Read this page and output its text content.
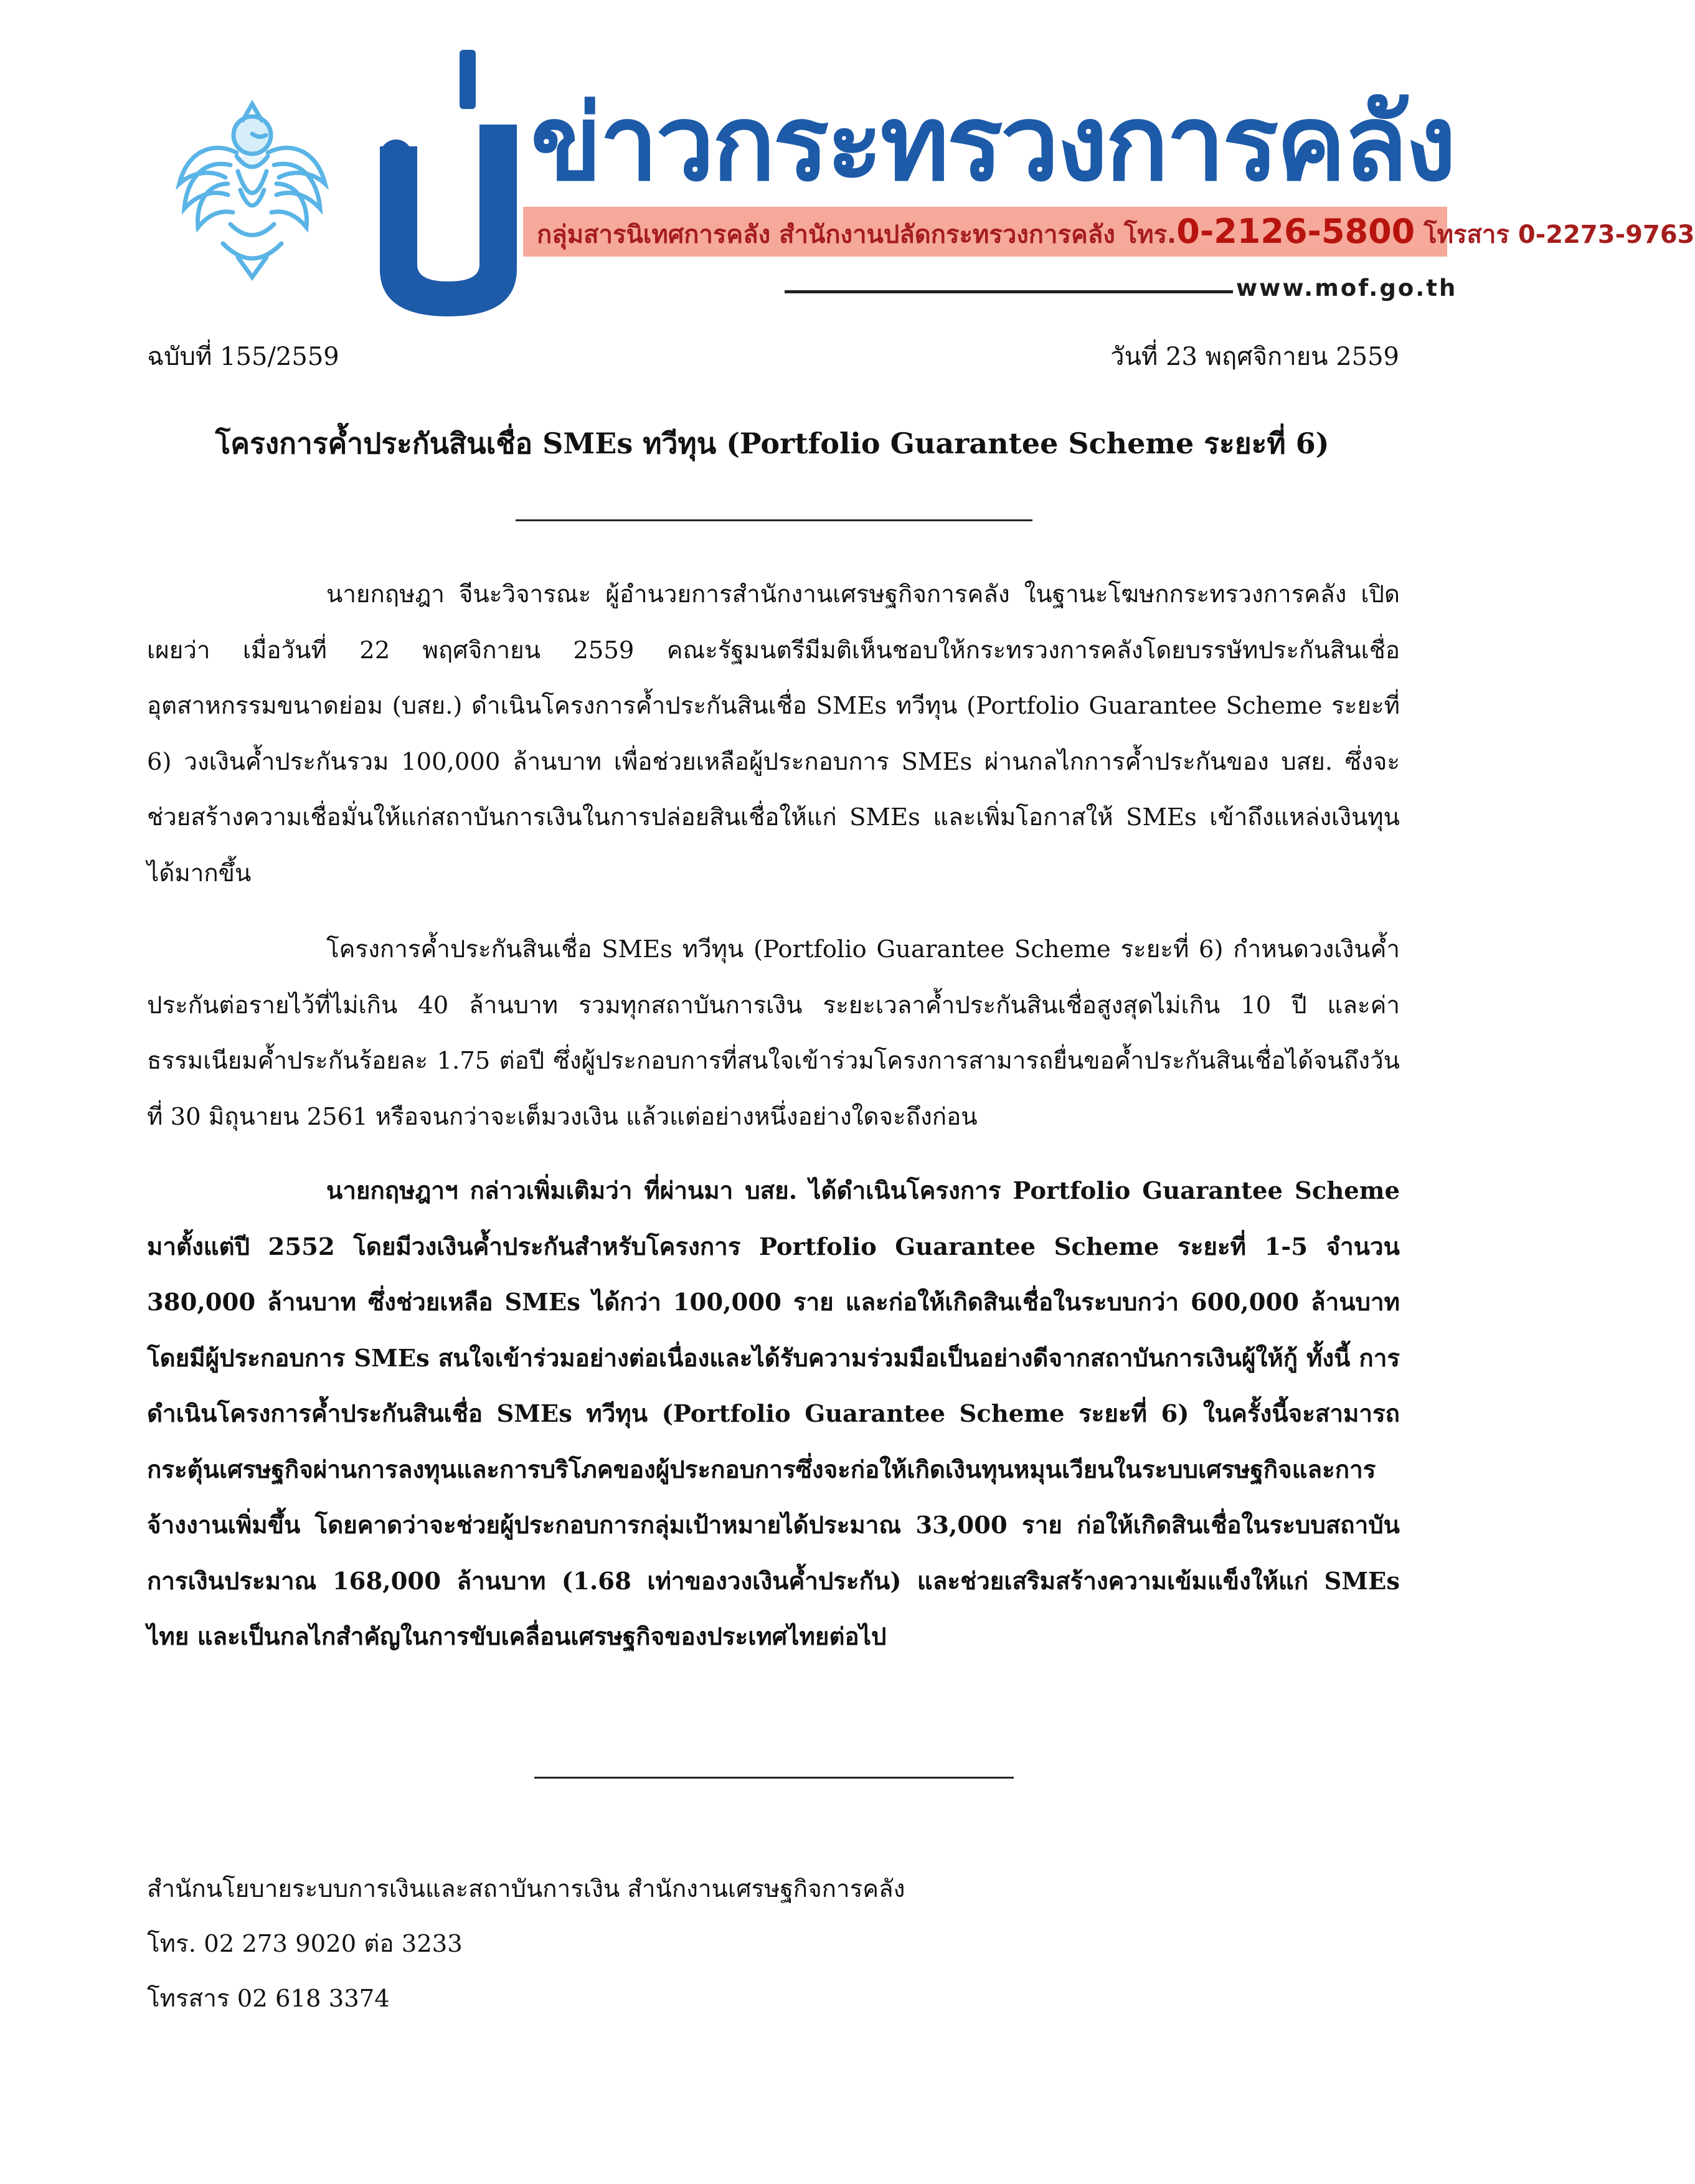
ข่าวกระทรวงการคลัง
กลุ่มสารนิเทศการคลัง สำนักงานปลัดกระทรวงการคลัง โทร.0-2126-5800 โทรสาร 0-2273-9763
www.mof.go.th
ฉบับที่ 155/2559	วันที่ 23 พฤศจิกายน 2559
โครงการค้ำประกันสินเชื่อ SMEs ทวีทุน (Portfolio Guarantee Scheme ระยะที่ 6)

นายกฤษฎา จีนะวิจารณะ ผู้อำนวยการสำนักงานเศรษฐกิจการคลัง ในฐานะโฆษกกระทรวงการคลัง เปิดเผยว่า เมื่อวันที่ 22 พฤศจิกายน 2559 คณะรัฐมนตรีมีมติเห็นชอบให้กระทรวงการคลังโดยบรรษัทประกันสินเชื่ออุตสาหกรรมขนาดย่อม (บสย.) ดำเนินโครงการค้ำประกันสินเชื่อ SMEs ทวีทุน (Portfolio Guarantee Scheme ระยะที่ 6) วงเงินค้ำประกันรวม 100,000 ล้านบาท เพื่อช่วยเหลือผู้ประกอบการ SMEs ผ่านกลไกการค้ำประกันของ บสย. ซึ่งจะช่วยสร้างความเชื่อมั่นให้แก่สถาบันการเงินในการปล่อยสินเชื่อให้แก่ SMEs และเพิ่มโอกาสให้ SMEs เข้าถึงแหล่งเงินทุนได้มากขึ้น

โครงการค้ำประกันสินเชื่อ SMEs ทวีทุน (Portfolio Guarantee Scheme ระยะที่ 6) กำหนดวงเงินค้ำประกันต่อรายไว้ที่ไม่เกิน 40 ล้านบาท รวมทุกสถาบันการเงิน ระยะเวลาค้ำประกันสินเชื่อสูงสุดไม่เกิน 10 ปี และค่าธรรมเนียมค้ำประกันร้อยละ 1.75 ต่อปี ซึ่งผู้ประกอบการที่สนใจเข้าร่วมโครงการสามารถยื่นขอค้ำประกันสินเชื่อได้จนถึงวันที่ 30 มิถุนายน 2561 หรือจนกว่าจะเต็มวงเงิน แล้วแต่อย่างหนึ่งอย่างใดจะถึงก่อน

นายกฤษฎาฯ กล่าวเพิ่มเติมว่า ที่ผ่านมา บสย. ได้ดำเนินโครงการ Portfolio Guarantee Scheme มาตั้งแต่ปี 2552 โดยมีวงเงินค้ำประกันสำหรับโครงการ Portfolio Guarantee Scheme ระยะที่ 1-5 จำนวน 380,000 ล้านบาท ซึ่งช่วยเหลือ SMEs ได้กว่า 100,000 ราย และก่อให้เกิดสินเชื่อในระบบกว่า 600,000 ล้านบาท โดยมีผู้ประกอบการ SMEs สนใจเข้าร่วมอย่างต่อเนื่องและได้รับความร่วมมือเป็นอย่างดีจากสถาบันการเงินผู้ให้กู้ ทั้งนี้ การดำเนินโครงการค้ำประกันสินเชื่อ SMEs ทวีทุน (Portfolio Guarantee Scheme ระยะที่ 6) ในครั้งนี้จะสามารถกระตุ้นเศรษฐกิจผ่านการลงทุนและการบริโภคของผู้ประกอบการซึ่งจะก่อให้เกิดเงินทุนหมุนเวียนในระบบเศรษฐกิจและการจ้างงานเพิ่มขึ้น โดยคาดว่าจะช่วยผู้ประกอบการกลุ่มเป้าหมายได้ประมาณ 33,000 ราย ก่อให้เกิดสินเชื่อในระบบสถาบันการเงินประมาณ 168,000 ล้านบาท (1.68 เท่าของวงเงินค้ำประกัน) และช่วยเสริมสร้างความเข้มแข็งให้แก่ SMEs ไทย และเป็นกลไกสำคัญในการขับเคลื่อนเศรษฐกิจของประเทศไทยต่อไป

สำนักนโยบายระบบการเงินและสถาบันการเงิน สำนักงานเศรษฐกิจการคลัง
โทร. 02 273 9020 ต่อ 3233
โทรสาร 02 618 3374
